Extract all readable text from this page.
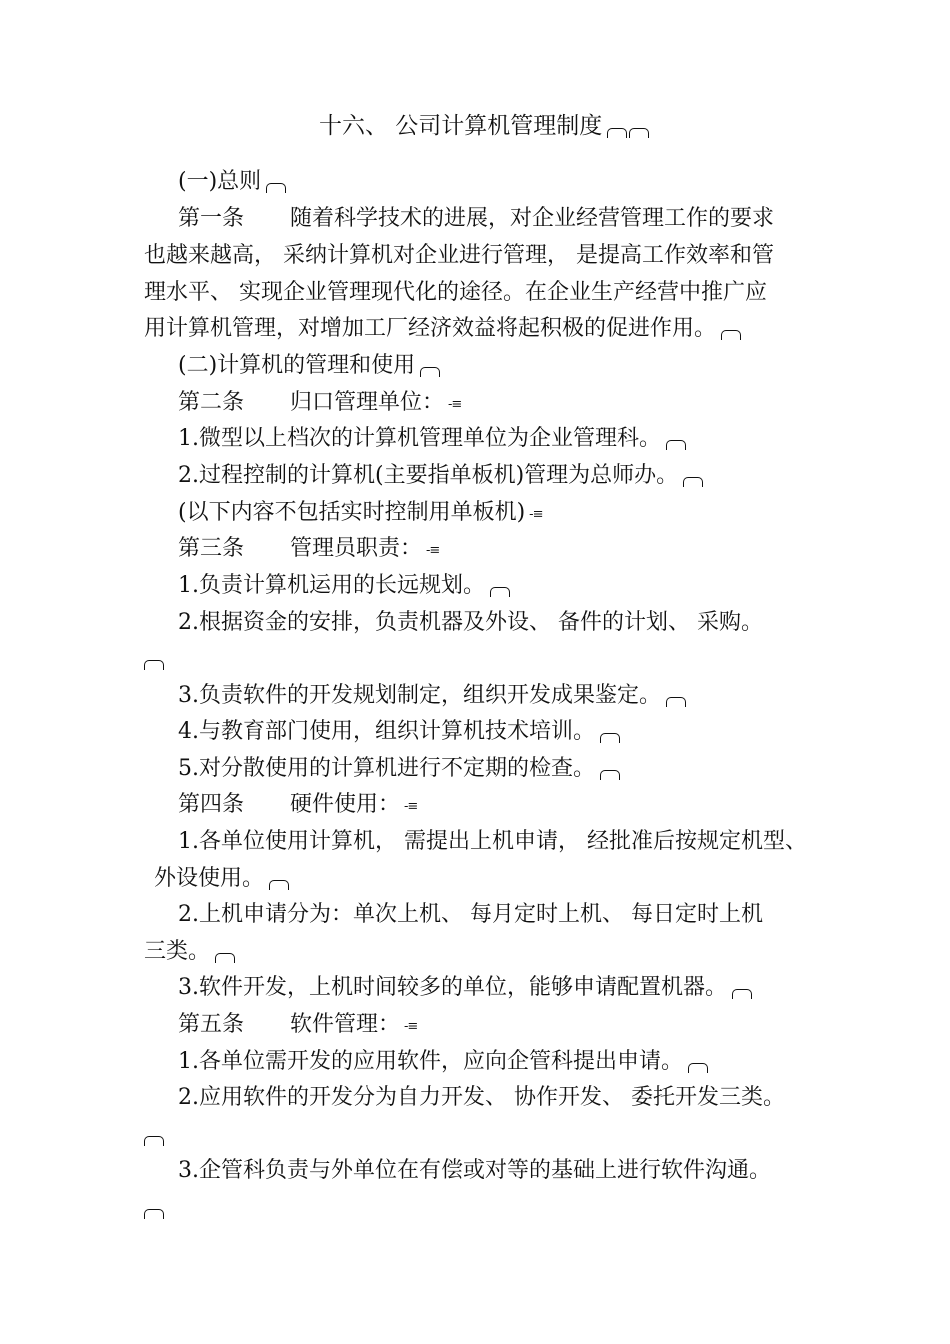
十六、 公司计算机管理制度
(一)总则
第一条 随着科学技术的进展，对企业经营管理工作的要求
也越来越高， 采纳计算机对企业进行管理， 是提高工作效率和管
理水平、 实现企业管理现代化的途径。在企业生产经营中推广应
用计算机管理，对增加工厂经济效益将起积极的促进作用。
(二)计算机的管理和使用
第二条 归口管理单位： -≡
1.微型以上档次的计算机管理单位为企业管理科。
2.过程控制的计算机(主要指单板机)管理为总师办。
(以下内容不包括实时控制用单板机) -≡
第三条 管理员职责： -≡
1.负责计算机运用的长远规划。
2.根据资金的安排，负责机器及外设、 备件的计划、 采购。
3.负责软件的开发规划制定，组织开发成果鉴定。
4.与教育部门使用，组织计算机技术培训。
5.对分散使用的计算机进行不定期的检查。
第四条 硬件使用： -≡
1.各单位使用计算机， 需提出上机申请， 经批准后按规定机型、
外设使用。
2.上机申请分为：单次上机、 每月定时上机、 每日定时上机
三类。
3.软件开发，上机时间较多的单位，能够申请配置机器。
第五条 软件管理： -≡
1.各单位需开发的应用软件，应向企管科提出申请。
2.应用软件的开发分为自力开发、 协作开发、 委托开发三类。
3.企管科负责与外单位在有偿或对等的基础上进行软件沟通。
